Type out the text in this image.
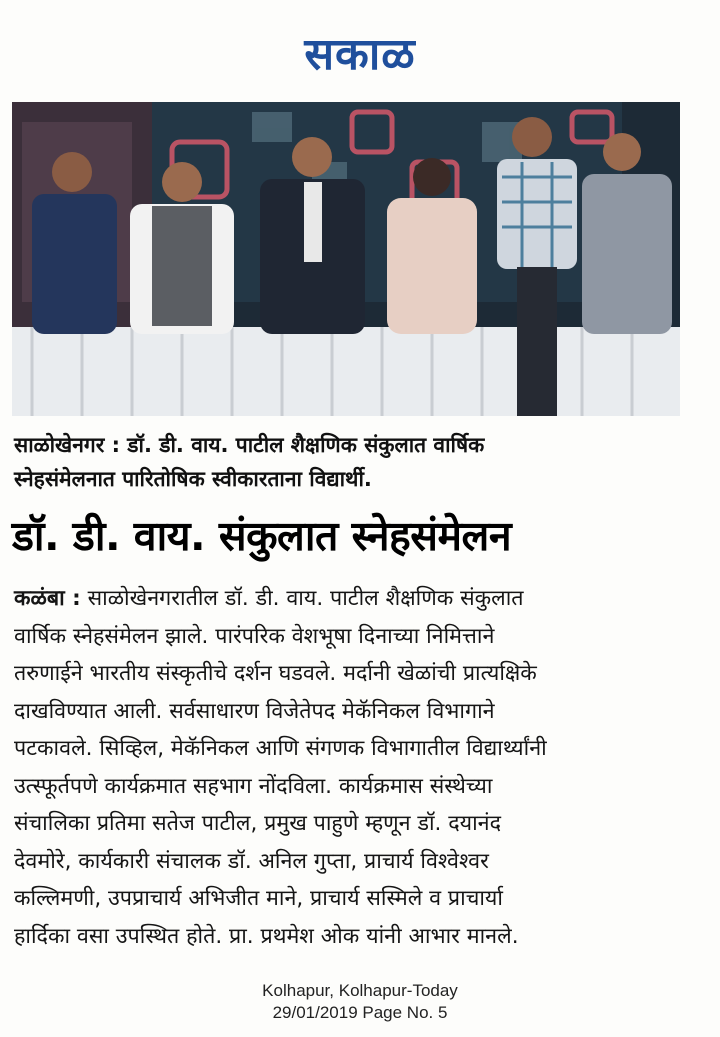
सकाळ
साळोखेनगर : डॉ. डी. वाय. पाटील शैक्षणिक संकुलात वार्षिक
स्नेहसंमेलनात पारितोषिक स्वीकारताना विद्यार्थी.
डॉ. डी. वाय. संकुलात स्नेहसंमेलन
कळंबा : साळोखेनगरातील डॉ. डी. वाय. पाटील शैक्षणिक संकुलात
वार्षिक स्नेहसंमेलन झाले. पारंपरिक वेशभूषा दिनाच्या निमित्ताने
तरुणाईने भारतीय संस्कृतीचे दर्शन घडवले. मर्दानी खेळांची प्रात्यक्षिके
दाखविण्यात आली. सर्वसाधारण विजेतेपद मेकॅनिकल विभागाने
पटकावले. सिव्हिल, मेकॅनिकल आणि संगणक विभागातील विद्यार्थ्यांनी
उत्स्फूर्तपणे कार्यक्रमात सहभाग नोंदविला. कार्यक्रमास संस्थेच्या
संचालिका प्रतिमा सतेज पाटील, प्रमुख पाहुणे म्हणून डॉ. दयानंद
देवमोरे, कार्यकारी संचालक डॉ. अनिल गुप्ता, प्राचार्य विश्वेश्वर
कल्लिमणी, उपप्राचार्य अभिजीत माने, प्राचार्य सस्मिले व प्राचार्या
हार्दिका वसा उपस्थित होते. प्रा. प्रथमेश ओक यांनी आभार मानले.
Kolhapur, Kolhapur-Today
29/01/2019 Page No. 5
